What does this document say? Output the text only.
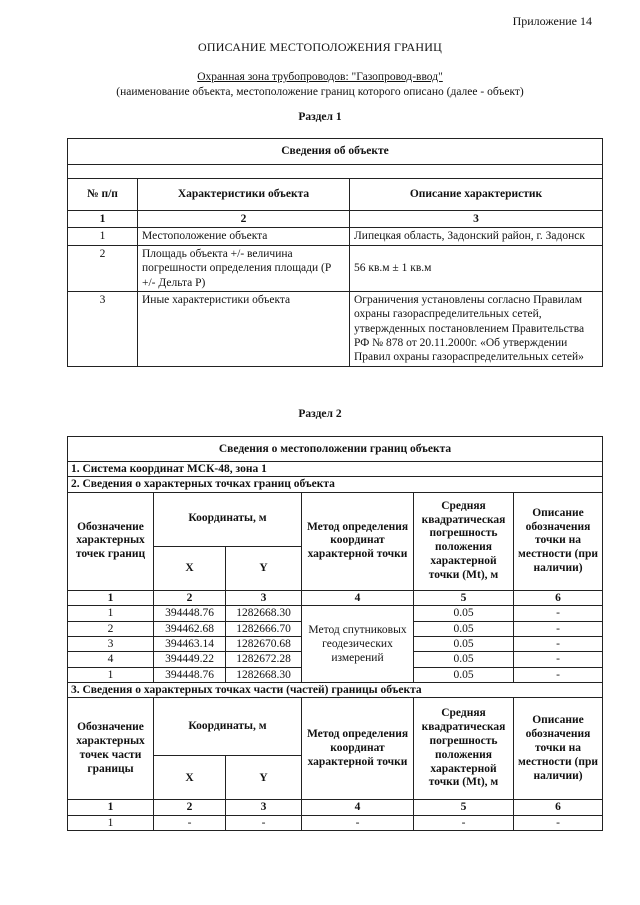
Приложение 14
ОПИСАНИЕ МЕСТОПОЛОЖЕНИЯ ГРАНИЦ
Охранная зона трубопроводов: "Газопровод-ввод"
(наименование объекта, местоположение границ которого описано (далее - объект)
Раздел 1
Сведения об объекте		

№ п/п	Характеристики объекта	Описание характеристик
1	2	3
1	Местоположение объекта	Липецкая область, Задонский район, г. Задонск
2	Площадь объекта +/- величина погрешности определения площади (Р +/- Дельта Р)	56 кв.м ± 1 кв.м
3	Иные характеристики объекта	Ограничения установлены согласно Правилам охраны газораспределительных сетей, утвержденных постановлением Правительства РФ № 878 от 20.11.2000г. «Об утверждении Правил охраны газораспределительных сетей»
Раздел 2
Сведения о местоположении границ объекта					
1. Система координат МСК-48, зона 1					
2. Сведения о характерных точках границ объекта					
Обозначение характерных точек границ	Координаты, м		Метод определения координат характерной точки	Средняя квадратическая погрешность положения характерной точки (Mt), м	Описание обозначения точки на местности (при наличии)
	X	Y			
1	2	3	4	5	6
1	394448.76	1282668.30	Метод спутниковых геодезических измерений	0.05	-
2	394462.68	1282666.70		0.05	-
3	394463.14	1282670.68		0.05	-
4	394449.22	1282672.28		0.05	-
1	394448.76	1282668.30		0.05	-
3. Сведения о характерных точках части (частей) границы объекта					
Обозначение характерных точек части границы	Координаты, м		Метод определения координат характерной точки	Средняя квадратическая погрешность положения характерной точки (Mt), м	Описание обозначения точки на местности (при наличии)
	X	Y			
1	2	3	4	5	6
1	-	-	-	-	-
